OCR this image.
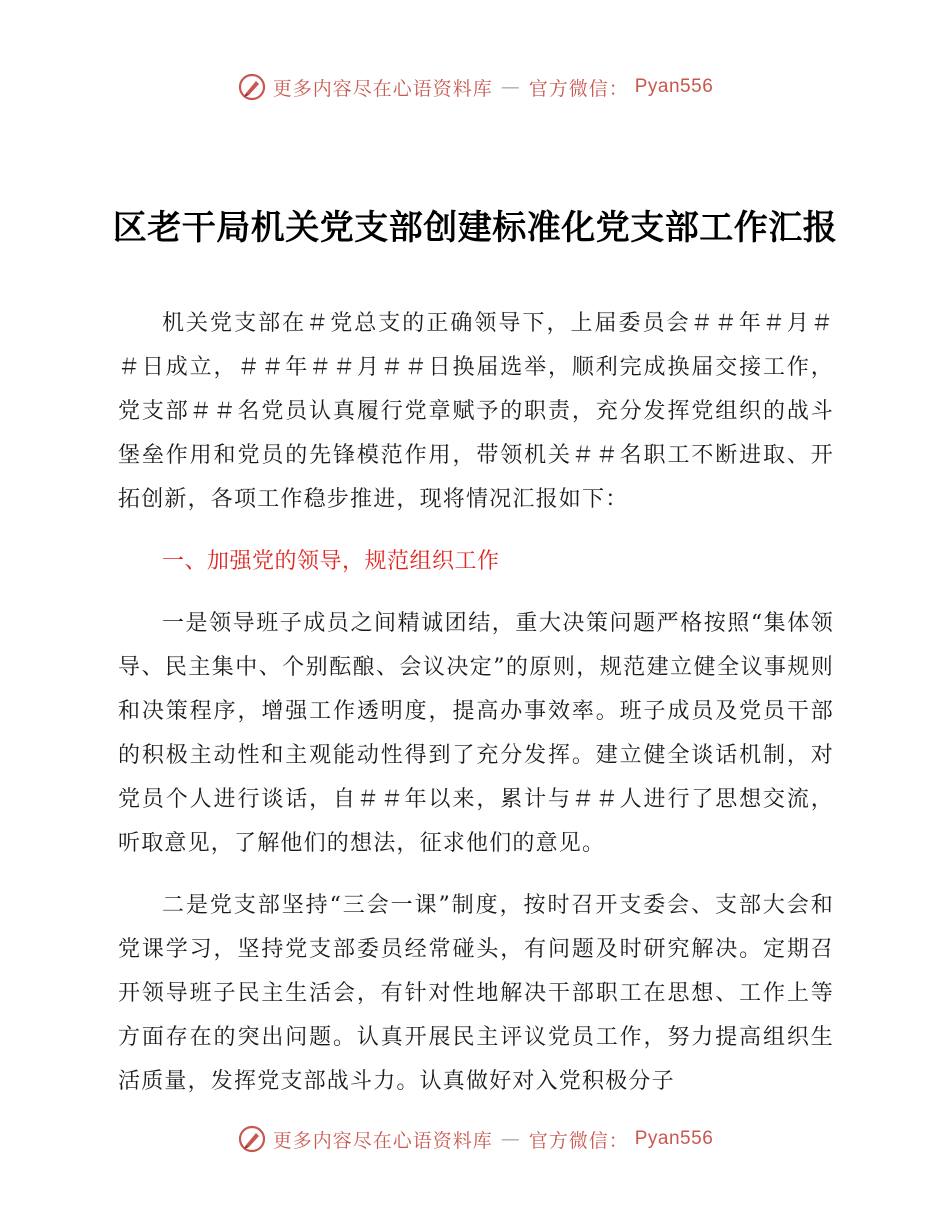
更多内容尽在心语资料库 — 官方微信： Pyan556
区老干局机关党支部创建标准化党支部工作汇报

机关党支部在＃党总支的正确领导下，上届委员会＃＃年＃月＃＃日成立，＃＃年＃＃月＃＃日换届选举，顺利完成换届交接工作，党支部＃＃名党员认真履行党章赋予的职责，充分发挥党组织的战斗堡垒作用和党员的先锋模范作用，带领机关＃＃名职工不断进取、开拓创新，各项工作稳步推进，现将情况汇报如下：

一、加强党的领导，规范组织工作

一是领导班子成员之间精诚团结，重大决策问题严格按照“集体领导、民主集中、个别酝酿、会议决定”的原则，规范建立健全议事规则和决策程序，增强工作透明度，提高办事效率。班子成员及党员干部的积极主动性和主观能动性得到了充分发挥。建立健全谈话机制，对党员个人进行谈话，自＃＃年以来，累计与＃＃人进行了思想交流，听取意见，了解他们的想法，征求他们的意见。

二是党支部坚持“三会一课”制度，按时召开支委会、支部大会和党课学习，坚持党支部委员经常碰头，有问题及时研究解决。定期召开领导班子民主生活会，有针对性地解决干部职工在思想、工作上等方面存在的突出问题。认真开展民主评议党员工作，努力提高组织生活质量，发挥党支部战斗力。认真做好对入党积极分子

更多内容尽在心语资料库 — 官方微信： Pyan556
